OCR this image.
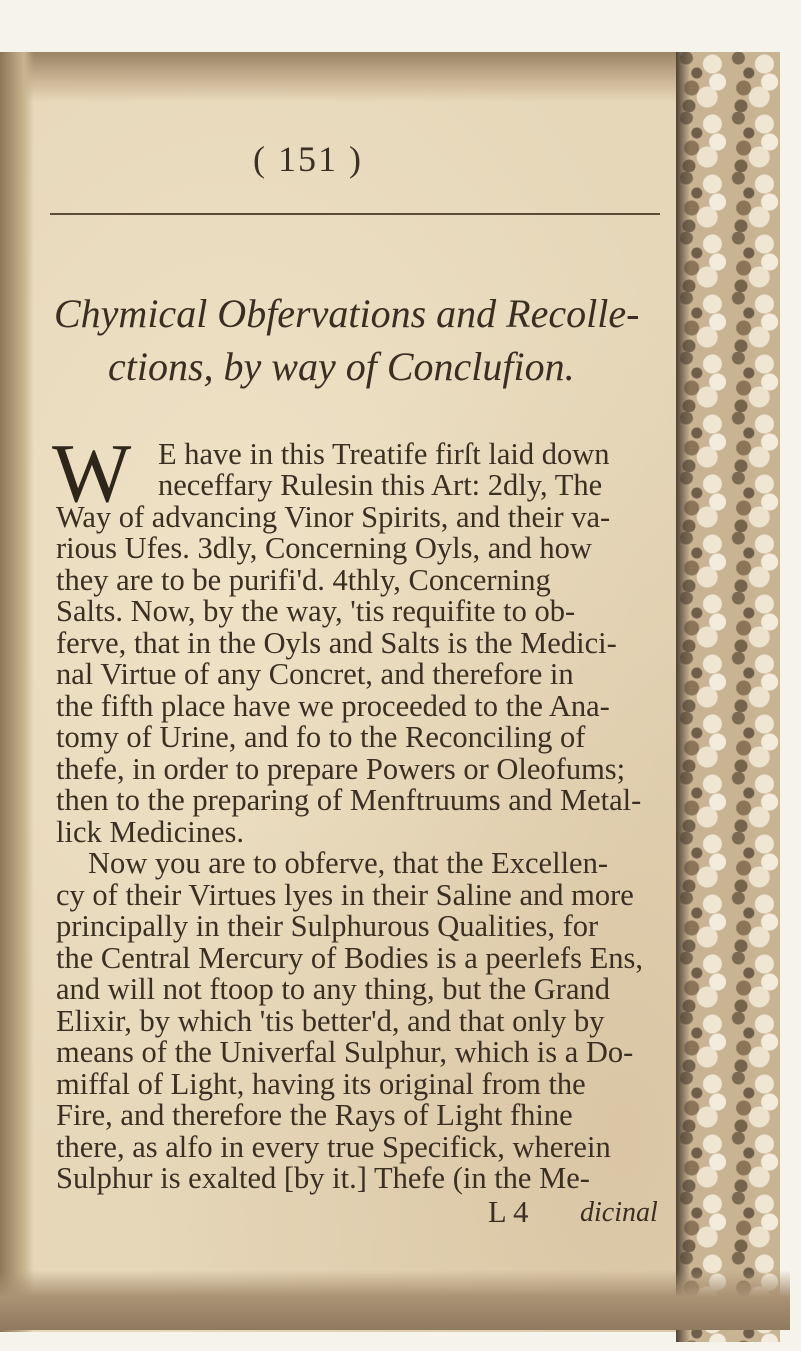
( 151 )
Chymical Obfervations and Recolle-
ctions, by way of Conclufion.
W E have in this Treatife firſt laid down
neceffary Rulesin this Art: 2dly, The
Way of advancing Vinor Spirits, and their va-
rious Ufes. 3dly, Concerning Oyls, and how
they are to be purifi'd. 4thly, Concerning
Salts. Now, by the way, 'tis requifite to ob-
ferve, that in the Oyls and Salts is the Medici-
nal Virtue of any Concret, and therefore in
the fifth place have we proceeded to the Ana-
tomy of Urine, and fo to the Reconciling of
thefe, in order to prepare Powers or Oleofums;
then to the preparing of Menftruums and Metal-
lick Medicines.
Now you are to obferve, that the Excellen-
cy of their Virtues lyes in their Saline and more
principally in their Sulphurous Qualities, for
the Central Mercury of Bodies is a peerlefs Ens,
and will not ftoop to any thing, but the Grand
Elixir, by which 'tis better'd, and that only by
means of the Univerfal Sulphur, which is a Do-
miffal of Light, having its original from the
Fire, and therefore the Rays of Light fhine
there, as alfo in every true Specifick, wherein
Sulphur is exalted [by it.] Thefe (in the Me-
L 4 dicinal
